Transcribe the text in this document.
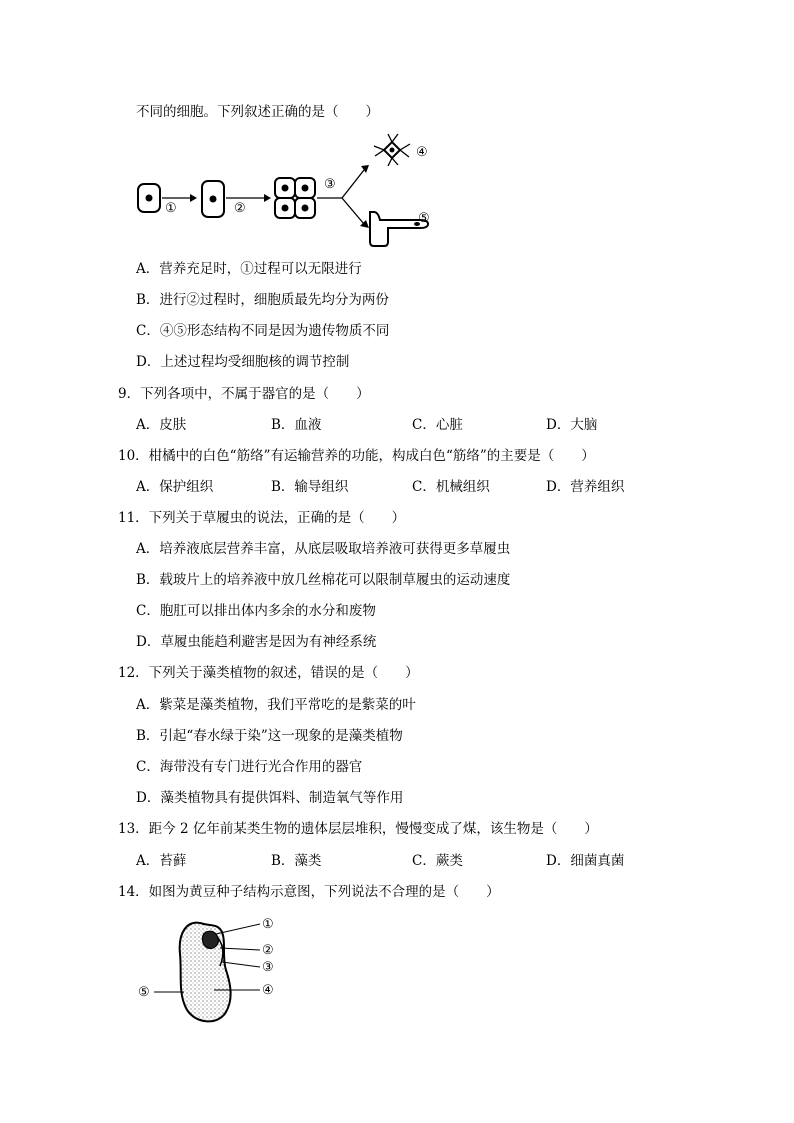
不同的细胞。下列叙述正确的是（　　）
①	②
③
④
⑤
A．营养充足时，①过程可以无限进行
B．进行②过程时，细胞质最先均分为两份
C．④⑤形态结构不同是因为遗传物质不同
D．上述过程均受细胞核的调节控制
9．下列各项中，不属于器官的是（　　）
A．皮肤	B．血液	C．心脏	D．大脑
10．柑橘中的白色“筋络”有运输营养的功能，构成白色“筋络”的主要是（　　）
A．保护组织	B．输导组织	C．机械组织	D．营养组织
11．下列关于草履虫的说法，正确的是（　　）
A．培养液底层营养丰富，从底层吸取培养液可获得更多草履虫
B．载玻片上的培养液中放几丝棉花可以限制草履虫的运动速度
C．胞肛可以排出体内多余的水分和废物
D．草履虫能趋利避害是因为有神经系统
12．下列关于藻类植物的叙述，错误的是（　　）
A．紫菜是藻类植物，我们平常吃的是紫菜的叶
B．引起“春水绿于染”这一现象的是藻类植物
C．海带没有专门进行光合作用的器官
D．藻类植物具有提供饵料、制造氧气等作用
13．距今 2 亿年前某类生物的遗体层层堆积，慢慢变成了煤，该生物是（　　）
A．苔藓	B．藻类	C．蕨类	D．细菌真菌
14．如图为黄豆种子结构示意图，下列说法不合理的是（　　）
①
②
③
④
⑤
